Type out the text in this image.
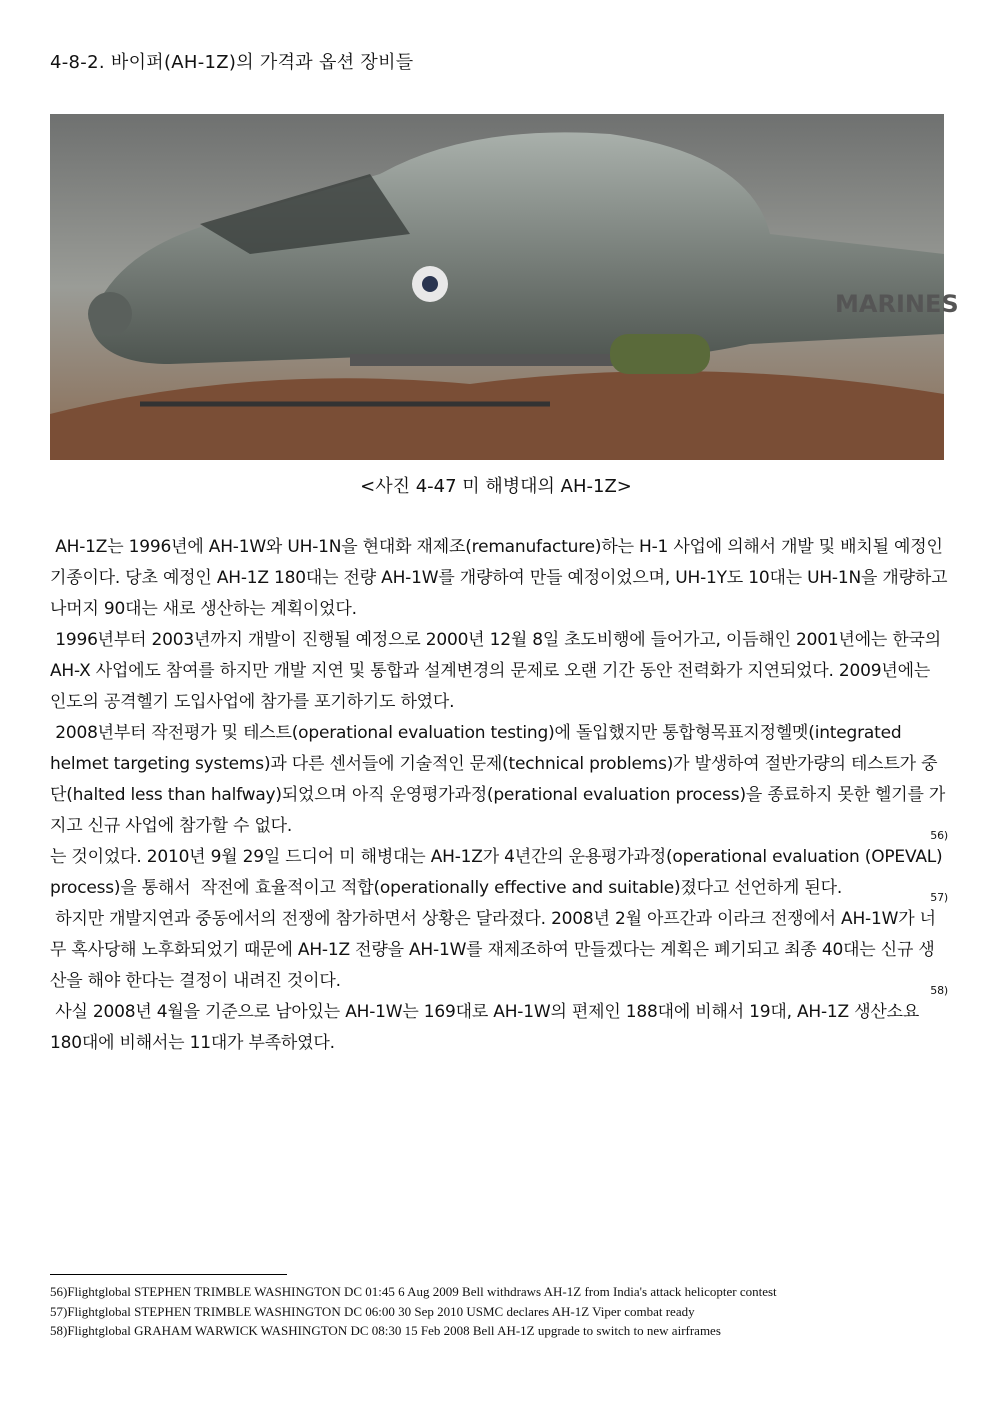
4-8-2. 바이퍼(AH-1Z)의 가격과 옵션 장비들
MARINES
<사진 4-47 미 해병대의 AH-1Z>
AH-1Z는 1996년에 AH-1W와 UH-1N을 현대화 재제조(remanufacture)하는 H-1 사업에 의해서 개발 및 배치될 예정인 기종이다. 당초 예정인 AH-1Z 180대는 전량 AH-1W를 개량하여 만들 예정이었으며, UH-1Y도 10대는 UH-1N을 개량하고 나머지 90대는 새로 생산하는 계획이었다.
1996년부터 2003년까지 개발이 진행될 예정으로 2000년 12월 8일 초도비행에 들어가고, 이듬해인 2001년에는 한국의 AH-X 사업에도 참여를 하지만 개발 지연 및 통합과 설계변경의 문제로 오랜 기간 동안 전력화가 지연되었다. 2009년에는 인도의 공격헬기 도입사업에 참가를 포기하기도 하였다.
2008년부터 작전평가 및 테스트(operational evaluation testing)에 돌입했지만 통합형목표지정헬멧(integrated helmet targeting systems)과 다른 센서들에 기술적인 문제(technical problems)가 발생하여 절반가량의 테스트가 중단(halted less than halfway)되었으며 아직 운영평가과정(perational evaluation process)을 종료하지 못한 헬기를 가지고 신규 사업에 참가할 수 없다.	56)
는 것이었다. 2010년 9월 29일 드디어 미 해병대는 AH-1Z가 4년간의 운용평가과정(operational evaluation (OPEVAL) process)을 통해서  작전에 효율적이고 적합(operationally effective and suitable)졌다고 선언하게 된다.	57)
하지만 개발지연과 중동에서의 전쟁에 참가하면서 상황은 달라졌다. 2008년 2월 아프간과 이라크 전쟁에서 AH-1W가 너무 혹사당해 노후화되었기 때문에 AH-1Z 전량을 AH-1W를 재제조하여 만들겠다는 계획은 폐기되고 최종 40대는 신규 생산을 해야 한다는 결정이 내려진 것이다.	58)
사실 2008년 4월을 기준으로 남아있는 AH-1W는 169대로 AH-1W의 편제인 188대에 비해서 19대, AH-1Z 생산소요 180대에 비해서는 11대가 부족하였다.
56)Flightglobal STEPHEN TRIMBLE WASHINGTON DC 01:45 6 Aug 2009 Bell withdraws AH-1Z from India's attack helicopter contest
57)Flightglobal STEPHEN TRIMBLE WASHINGTON DC 06:00 30 Sep 2010 USMC declares AH-1Z Viper combat ready
58)Flightglobal GRAHAM WARWICK WASHINGTON DC 08:30 15 Feb 2008 Bell AH-1Z upgrade to switch to new airframes
